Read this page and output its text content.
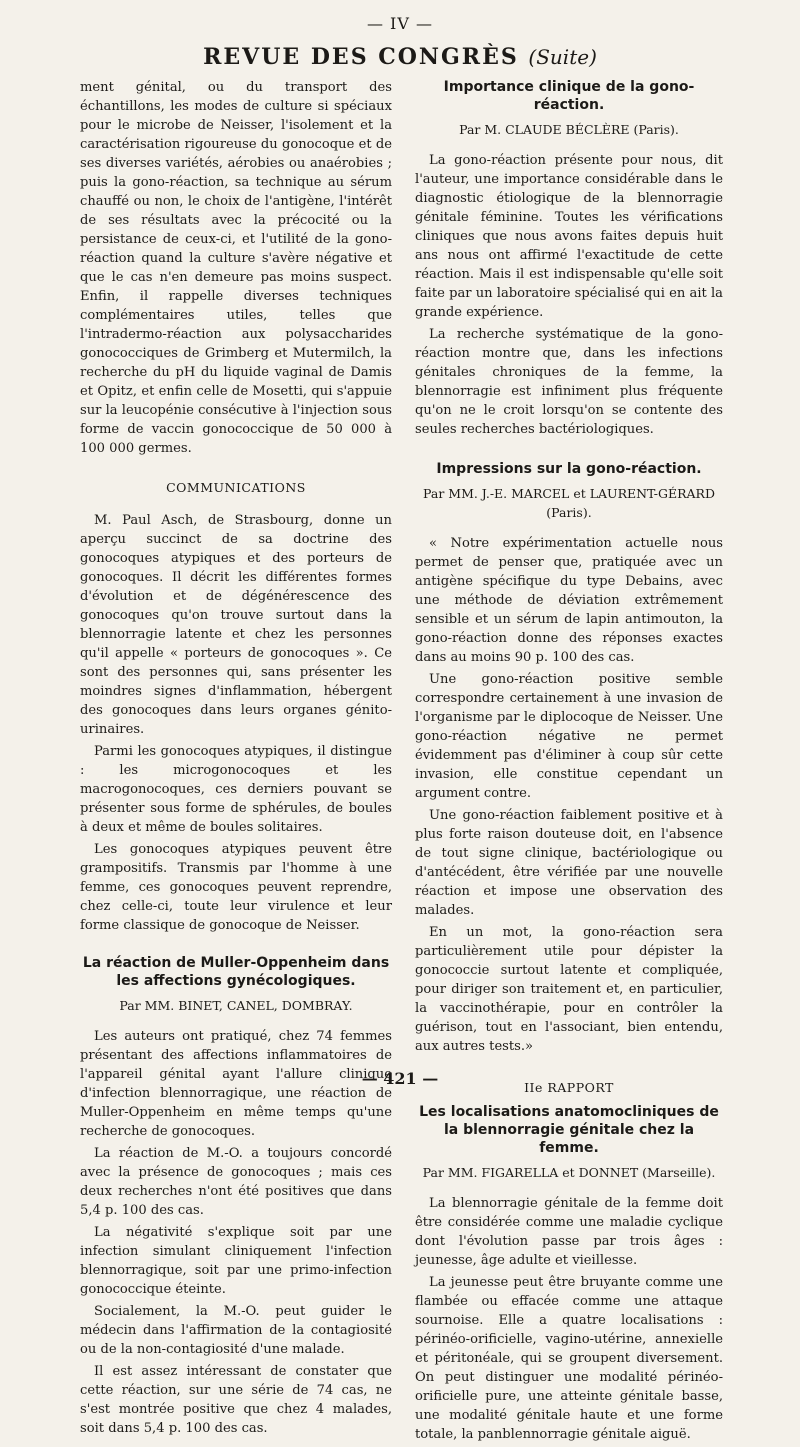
— IV —
REVUE DES CONGRÈS (Suite)

ment génital, ou du transport des échantillons, les modes de culture si spéciaux pour le microbe de Neisser, l'isolement et la caractérisation rigoureuse du gonocoque et de ses diverses variétés, aérobies ou anaérobies ; puis la gono-réaction, sa technique au sérum chauffé ou non, le choix de l'antigène, l'intérêt de ses résultats avec la précocité ou la persistance de ceux-ci, et l'utilité de la gono-réaction quand la culture s'avère négative et que le cas n'en demeure pas moins suspect. Enfin, il rappelle diverses techniques complémentaires utiles, telles que l'intradermo-réaction aux polysaccharides gonococciques de Grimberg et Mutermilch, la recherche du pH du liquide vaginal de Damis et Opitz, et enfin celle de Mosetti, qui s'appuie sur la leucopénie consécutive à l'injection sous forme de vaccin gonococcique de 50 000 à 100 000 germes.

COMMUNICATIONS

M. Paul Asch, de Strasbourg, donne un aperçu succinct de sa doctrine des gonocoques atypiques et des porteurs de gonocoques. Il décrit les différentes formes d'évolution et de dégénérescence des gonocoques qu'on trouve surtout dans la blennorragie latente et chez les personnes qu'il appelle « porteurs de gonocoques ». Ce sont des personnes qui, sans présenter les moindres signes d'inflammation, hébergent des gonocoques dans leurs organes génito-urinaires.

Parmi les gonocoques atypiques, il distingue : les microgonocoques et les macrogonocoques, ces derniers pouvant se présenter sous forme de sphérules, de boules à deux et même de boules solitaires.

Les gonocoques atypiques peuvent être grampositifs. Transmis par l'homme à une femme, ces gonocoques peuvent reprendre, chez celle-ci, toute leur virulence et leur forme classique de gonocoque de Neisser.

La réaction de Muller-Oppenheim dans les affections gynécologiques.
Par MM. BINET, CANEL, DOMBRAY.

Les auteurs ont pratiqué, chez 74 femmes présentant des affections inflammatoires de l'appareil génital ayant l'allure clinique d'infection blennorragique, une réaction de Muller-Oppenheim en même temps qu'une recherche de gonocoques.

La réaction de M.-O. a toujours concordé avec la présence de gonocoques ; mais ces deux recherches n'ont été positives que dans 5,4 p. 100 des cas.

La négativité s'explique soit par une infection simulant cliniquement l'infection blennorragique, soit par une primo-infection gonococcique éteinte.

Socialement, la M.-O. peut guider le médecin dans l'affirmation de la contagiosité ou de la non-contagiosité d'une malade.

Il est assez intéressant de constater que cette réaction, sur une série de 74 cas, ne s'est montrée positive que chez 4 malades, soit dans 5,4 p. 100 des cas.

Importance clinique de la gono-réaction.
Par M. CLAUDE BÉCLÈRE (Paris).

La gono-réaction présente pour nous, dit l'auteur, une importance considérable dans le diagnostic étiologique de la blennorragie génitale féminine. Toutes les vérifications cliniques que nous avons faites depuis huit ans nous ont affirmé l'exactitude de cette réaction. Mais il est indispensable qu'elle soit faite par un laboratoire spécialisé qui en ait la grande expérience.

La recherche systématique de la gono-réaction montre que, dans les infections génitales chroniques de la femme, la blennorragie est infiniment plus fréquente qu'on ne le croit lorsqu'on se contente des seules recherches bactériologiques.

Impressions sur la gono-réaction.
Par MM. J.-E. MARCEL et LAURENT-GÉRARD (Paris).

« Notre expérimentation actuelle nous permet de penser que, pratiquée avec un antigène spécifique du type Debains, avec une méthode de déviation extrêmement sensible et un sérum de lapin antimouton, la gono-réaction donne des réponses exactes dans au moins 90 p. 100 des cas.

Une gono-réaction positive semble correspondre certainement à une invasion de l'organisme par le diplocoque de Neisser. Une gono-réaction négative ne permet évidemment pas d'éliminer à coup sûr cette invasion, elle constitue cependant un argument contre.

Une gono-réaction faiblement positive et à plus forte raison douteuse doit, en l'absence de tout signe clinique, bactériologique ou d'antécédent, être vérifiée par une nouvelle réaction et impose une observation des malades.

En un mot, la gono-réaction sera particulièrement utile pour dépister la gonococcie surtout latente et compliquée, pour diriger son traitement et, en particulier, la vaccinothérapie, pour en contrôler la guérison, tout en l'associant, bien entendu, aux autres tests.»

IIe RAPPORT
Les localisations anatomocliniques de la blennorragie génitale chez la femme.
Par MM. FIGARELLA et DONNET (Marseille).

La blennorragie génitale de la femme doit être considérée comme une maladie cyclique dont l'évolution passe par trois âges : jeunesse, âge adulte et vieillesse.

La jeunesse peut être bruyante comme une flambée ou effacée comme une attaque sournoise. Elle a quatre localisations : périnéo-orificielle, vagino-utérine, annexielle et péritonéale, qui se groupent diversement. On peut distinguer une modalité périnéo-orificielle pure, une atteinte génitale basse, une modalité génitale haute et une forme totale, la panblennorragie génitale aiguë.

— 421 —
